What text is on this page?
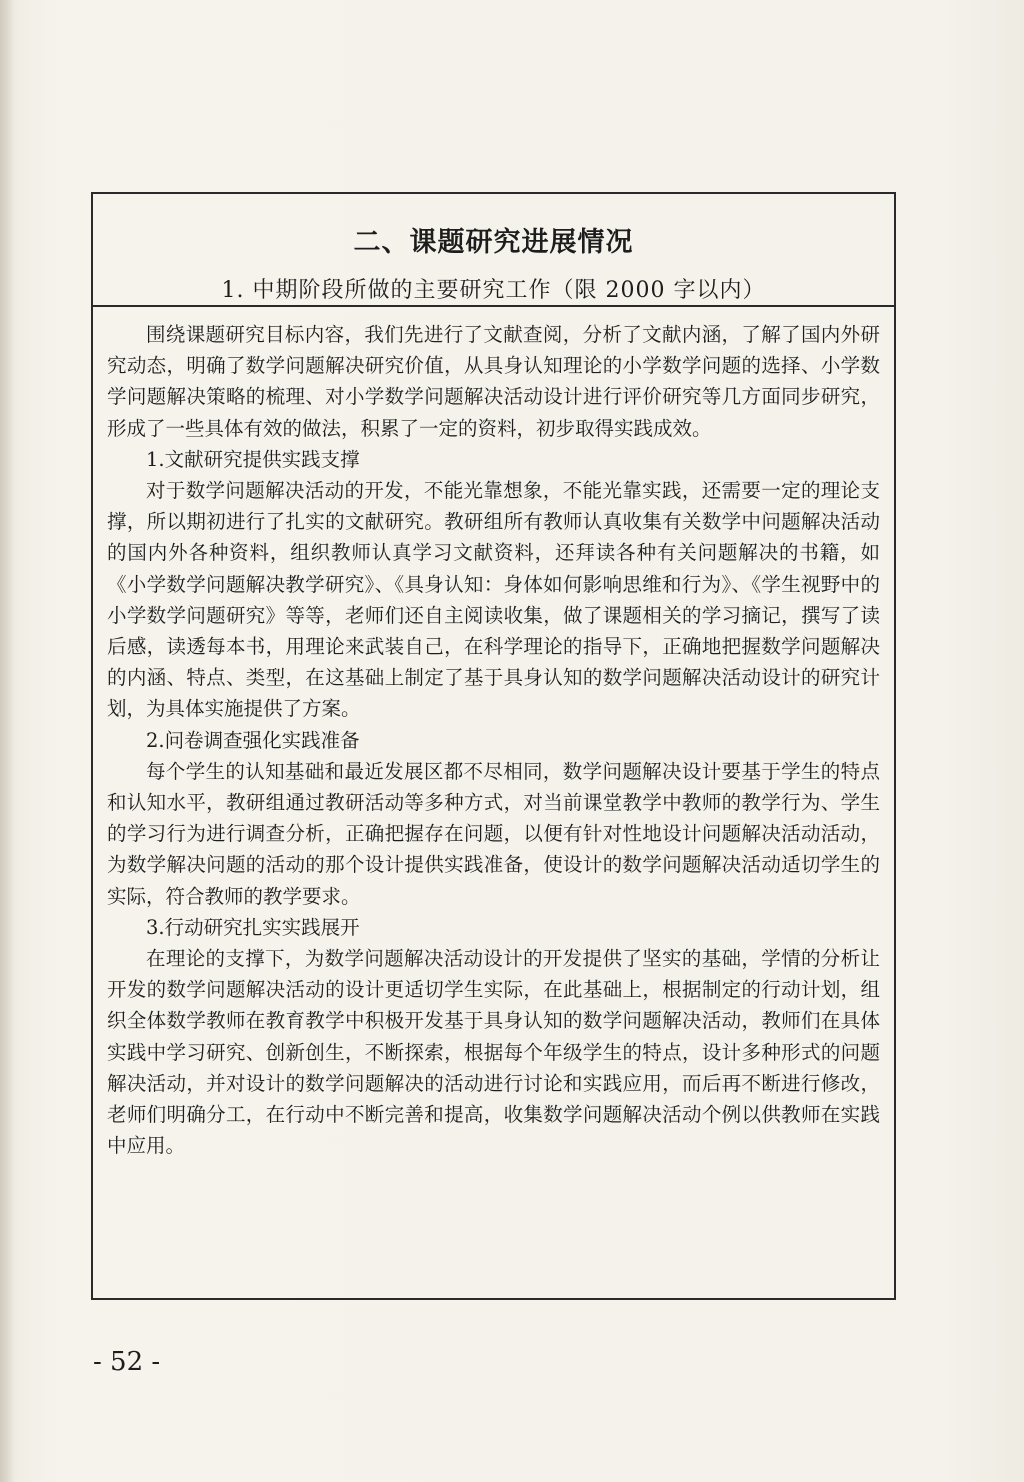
二、课题研究进展情况
1. 中期阶段所做的主要研究工作（限 2000 字以内）

围绕课题研究目标内容，我们先进行了文献查阅，分析了文献内涵，了解了国内外研究动态，明确了数学问题解决研究价值，从具身认知理论的小学数学问题的选择、小学数学问题解决策略的梳理、对小学数学问题解决活动设计进行评价研究等几方面同步研究，形成了一些具体有效的做法，积累了一定的资料，初步取得实践成效。

1.文献研究提供实践支撑

对于数学问题解决活动的开发，不能光靠想象，不能光靠实践，还需要一定的理论支撑，所以期初进行了扎实的文献研究。教研组所有教师认真收集有关数学中问题解决活动的国内外各种资料，组织教师认真学习文献资料，还拜读各种有关问题解决的书籍，如《小学数学问题解决教学研究》、《具身认知：身体如何影响思维和行为》、《学生视野中的小学数学问题研究》等等，老师们还自主阅读收集，做了课题相关的学习摘记，撰写了读后感，读透每本书，用理论来武装自己，在科学理论的指导下，正确地把握数学问题解决的内涵、特点、类型，在这基础上制定了基于具身认知的数学问题解决活动设计的研究计划，为具体实施提供了方案。

2.问卷调查强化实践准备

每个学生的认知基础和最近发展区都不尽相同，数学问题解决设计要基于学生的特点和认知水平，教研组通过教研活动等多种方式，对当前课堂教学中教师的教学行为、学生的学习行为进行调查分析，正确把握存在问题，以便有针对性地设计问题解决活动活动，为数学解决问题的活动的那个设计提供实践准备，使设计的数学问题解决活动适切学生的实际，符合教师的教学要求。

3.行动研究扎实实践展开

在理论的支撑下，为数学问题解决活动设计的开发提供了坚实的基础，学情的分析让开发的数学问题解决活动的设计更适切学生实际，在此基础上，根据制定的行动计划，组织全体数学教师在教育教学中积极开发基于具身认知的数学问题解决活动，教师们在具体实践中学习研究、创新创生，不断探索，根据每个年级学生的特点，设计多种形式的问题解决活动，并对设计的数学问题解决的活动进行讨论和实践应用，而后再不断进行修改，老师们明确分工，在行动中不断完善和提高，收集数学问题解决活动个例以供教师在实践中应用。

- 52 -
